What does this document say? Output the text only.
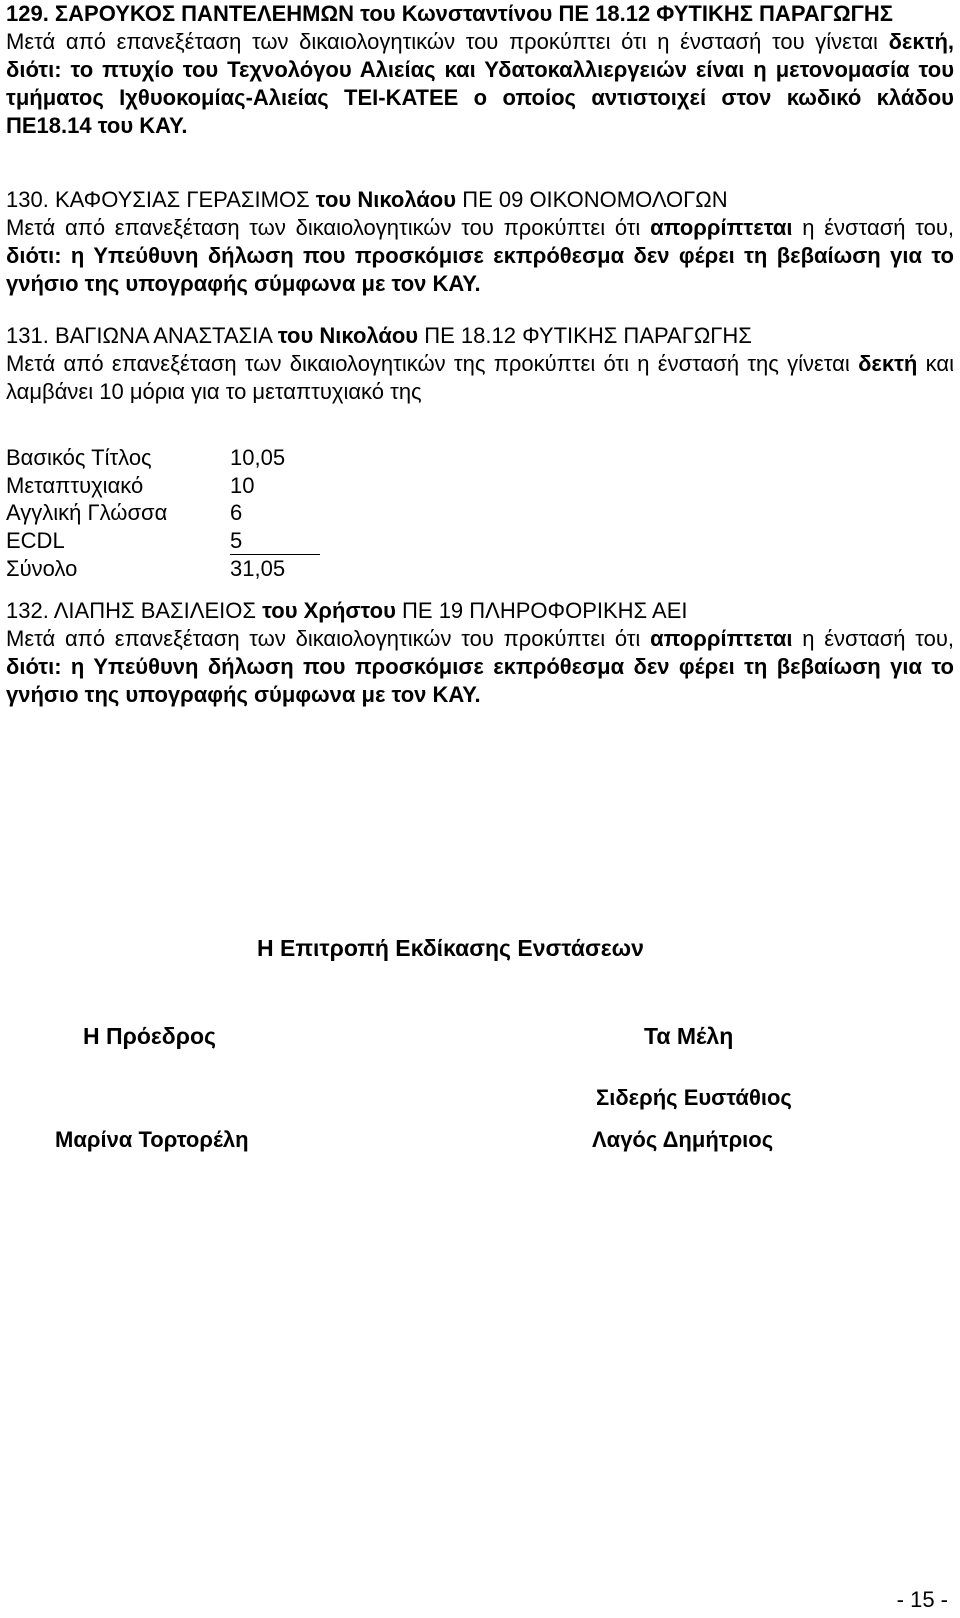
129. ΣΑΡΟΥΚΟΣ ΠΑΝΤΕΛΕΗΜΩΝ του Κωνσταντίνου ΠΕ 18.12 ΦΥΤΙΚΗΣ ΠΑΡΑΓΩΓΗΣ
Μετά από επανεξέταση των δικαιολογητικών του προκύπτει ότι η ένστασή του γίνεται δεκτή, διότι: το πτυχίο του Τεχνολόγου Αλιείας και Υδατοκαλλιεργειών είναι η μετονομασία του τμήματος Ιχθυοκομίας-Αλιείας ΤΕΙ-ΚΑΤΕΕ ο οποίος αντιστοιχεί στον κωδικό κλάδου ΠΕ18.14 του ΚΑΥ.
130. ΚΑΦΟΥΣΙΑΣ ΓΕΡΑΣΙΜΟΣ του Νικολάου ΠΕ 09 ΟΙΚΟΝΟΜΟΛΟΓΩΝ
Μετά από επανεξέταση των δικαιολογητικών του προκύπτει ότι απορρίπτεται η ένστασή του, διότι: η Υπεύθυνη δήλωση που προσκόμισε εκπρόθεσμα δεν φέρει τη βεβαίωση για το γνήσιο της υπογραφής σύμφωνα με τον ΚΑΥ.
131. ΒΑΓΙΩΝΑ ΑΝΑΣΤΑΣΙΑ του Νικολάου ΠΕ 18.12 ΦΥΤΙΚΗΣ ΠΑΡΑΓΩΓΗΣ
Μετά από επανεξέταση των δικαιολογητικών της προκύπτει ότι η ένστασή της γίνεται δεκτή και λαμβάνει 10 μόρια για το μεταπτυχιακό της
Βασικός Τίτλος	10,05
Μεταπτυχιακό	10
Αγγλική Γλώσσα	6
ECDL	5
Σύνολο	31,05
132. ΛΙΑΠΗΣ ΒΑΣΙΛΕΙΟΣ του Χρήστου ΠΕ 19 ΠΛΗΡΟΦΟΡΙΚΗΣ ΑΕΙ
Μετά από επανεξέταση των δικαιολογητικών του προκύπτει ότι απορρίπτεται η ένστασή του, διότι: η Υπεύθυνη δήλωση που προσκόμισε εκπρόθεσμα δεν φέρει τη βεβαίωση για το γνήσιο της υπογραφής σύμφωνα με τον ΚΑΥ.
Η Επιτροπή Εκδίκασης Ενστάσεων
Η Πρόεδρος	Τα Μέλη
Σιδερής Ευστάθιος
Μαρίνα Τορτορέλη	Λαγός Δημήτριος
- 15 -
